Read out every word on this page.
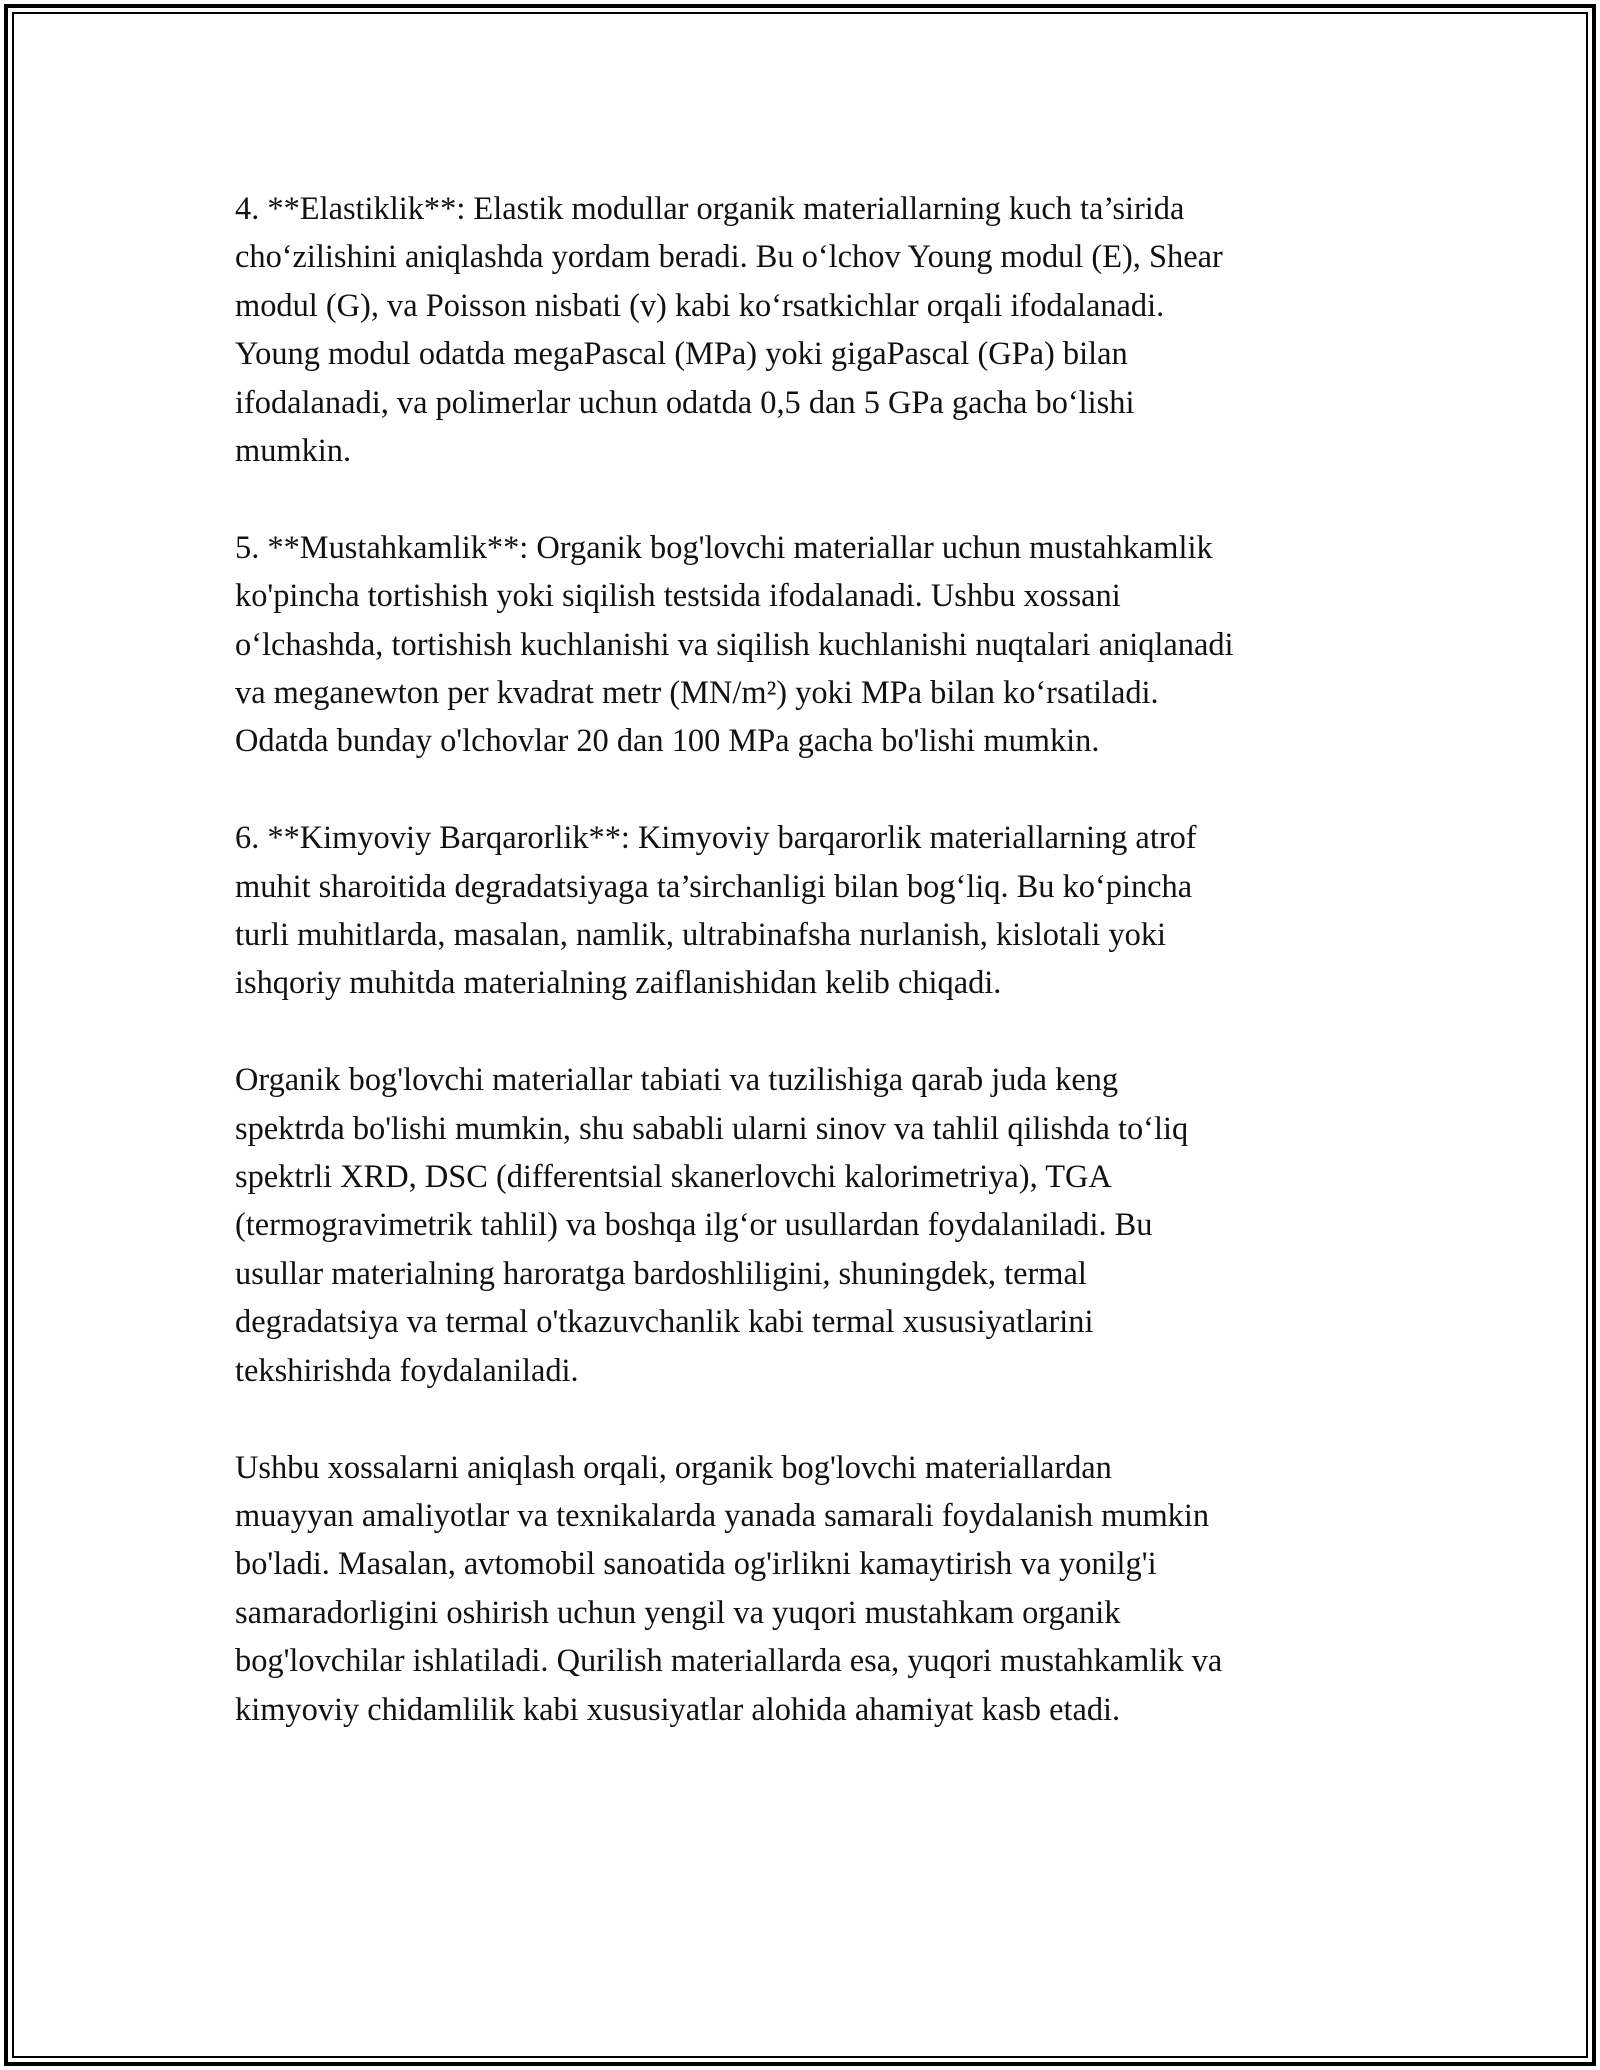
4. **Elastiklik**: Elastik modullar organik materiallarning kuch ta’sirida
cho‘zilishini aniqlashda yordam beradi. Bu o‘lchov Young modul (E), Shear
modul (G), va Poisson nisbati (v) kabi ko‘rsatkichlar orqali ifodalanadi.
Young modul odatda megaPascal (MPa) yoki gigaPascal (GPa) bilan
ifodalanadi, va polimerlar uchun odatda 0,5 dan 5 GPa gacha bo‘lishi
mumkin.

5. **Mustahkamlik**: Organik bog'lovchi materiallar uchun mustahkamlik
ko'pincha tortishish yoki siqilish testsida ifodalanadi. Ushbu xossani
o‘lchashda, tortishish kuchlanishi va siqilish kuchlanishi nuqtalari aniqlanadi
va meganewton per kvadrat metr (MN/m²) yoki MPa bilan ko‘rsatiladi.
Odatda bunday o'lchovlar 20 dan 100 MPa gacha bo'lishi mumkin.

6. **Kimyoviy Barqarorlik**: Kimyoviy barqarorlik materiallarning atrof
muhit sharoitida degradatsiyaga ta’sirchanligi bilan bog‘liq. Bu ko‘pincha
turli muhitlarda, masalan, namlik, ultrabinafsha nurlanish, kislotali yoki
ishqoriy muhitda materialning zaiflanishidan kelib chiqadi.

Organik bog'lovchi materiallar tabiati va tuzilishiga qarab juda keng
spektrda bo'lishi mumkin, shu sababli ularni sinov va tahlil qilishda to‘liq
spektrli XRD, DSC (differentsial skanerlovchi kalorimetriya), TGA
(termogravimetrik tahlil) va boshqa ilg‘or usullardan foydalaniladi. Bu
usullar materialning haroratga bardoshliligini, shuningdek, termal
degradatsiya va termal o'tkazuvchanlik kabi termal xususiyatlarini
tekshirishda foydalaniladi.

Ushbu xossalarni aniqlash orqali, organik bog'lovchi materiallardan
muayyan amaliyotlar va texnikalarda yanada samarali foydalanish mumkin
bo'ladi. Masalan, avtomobil sanoatida og'irlikni kamaytirish va yonilg'i
samaradorligini oshirish uchun yengil va yuqori mustahkam organik
bog'lovchilar ishlatiladi. Qurilish materiallarda esa, yuqori mustahkamlik va
kimyoviy chidamlilik kabi xususiyatlar alohida ahamiyat kasb etadi.
